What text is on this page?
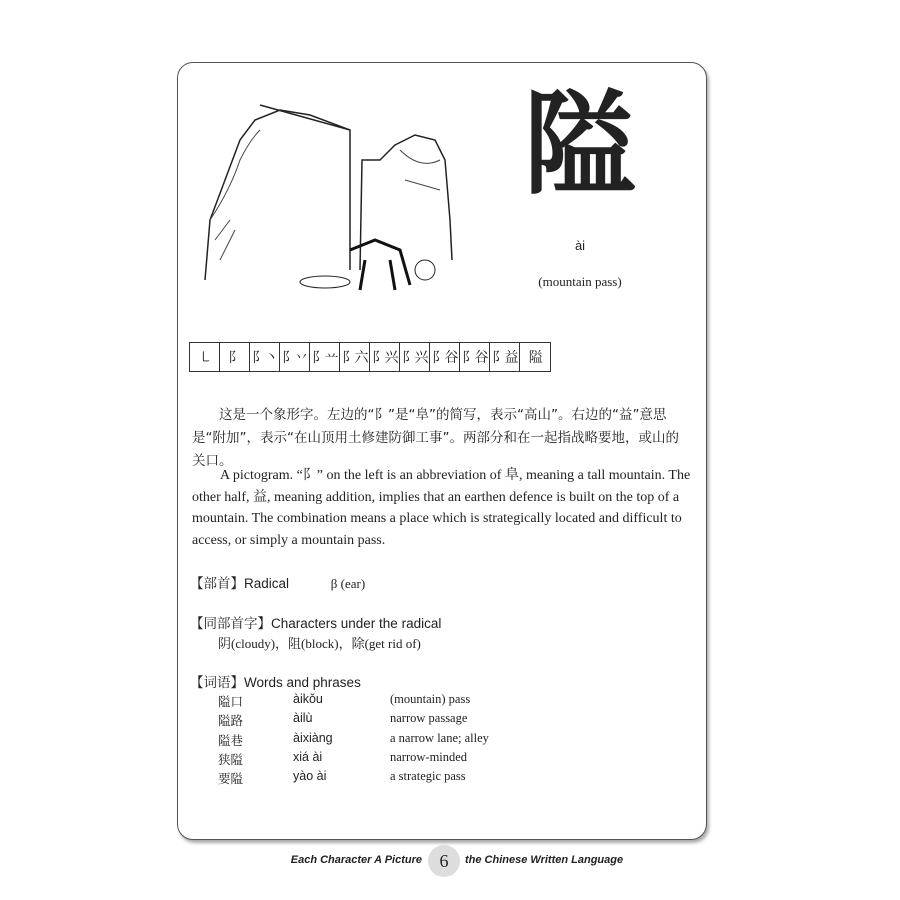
隘
ài
(mountain pass)
㇄	阝 阝丶 阝丷 阝䒑 阝六 阝兴 阝兴 阝谷 阝谷 阝益 隘
这是一个象形字。左边的“阝”是“阜”的简写，表示“高山”。右边的“益”意思是“附加”，表示“在山顶用土修建防御工事”。两部分和在一起指战略要地，或山的关口。
A pictogram. “阝” on the left is an abbreviation of 阜, meaning a tall mountain. The other half, 益, meaning addition, implies that an earthen defence is built on the top of a mountain. The combination means a place which is strategically located and difficult to access, or simply a mountain pass.
【部首】Radical	β (ear)
【同部首字】Characters under the radical
阴(cloudy)，阻(block)，除(get rid of)
【词语】Words and phrases
隘口	àikǒu	(mountain) pass
隘路	àilù	narrow passage
隘巷	àixiàng	a narrow lane; alley
狭隘	xiá ài	narrow-minded
要隘	yào ài	a strategic pass
Each Character A Picture 6	the Chinese Written Language
